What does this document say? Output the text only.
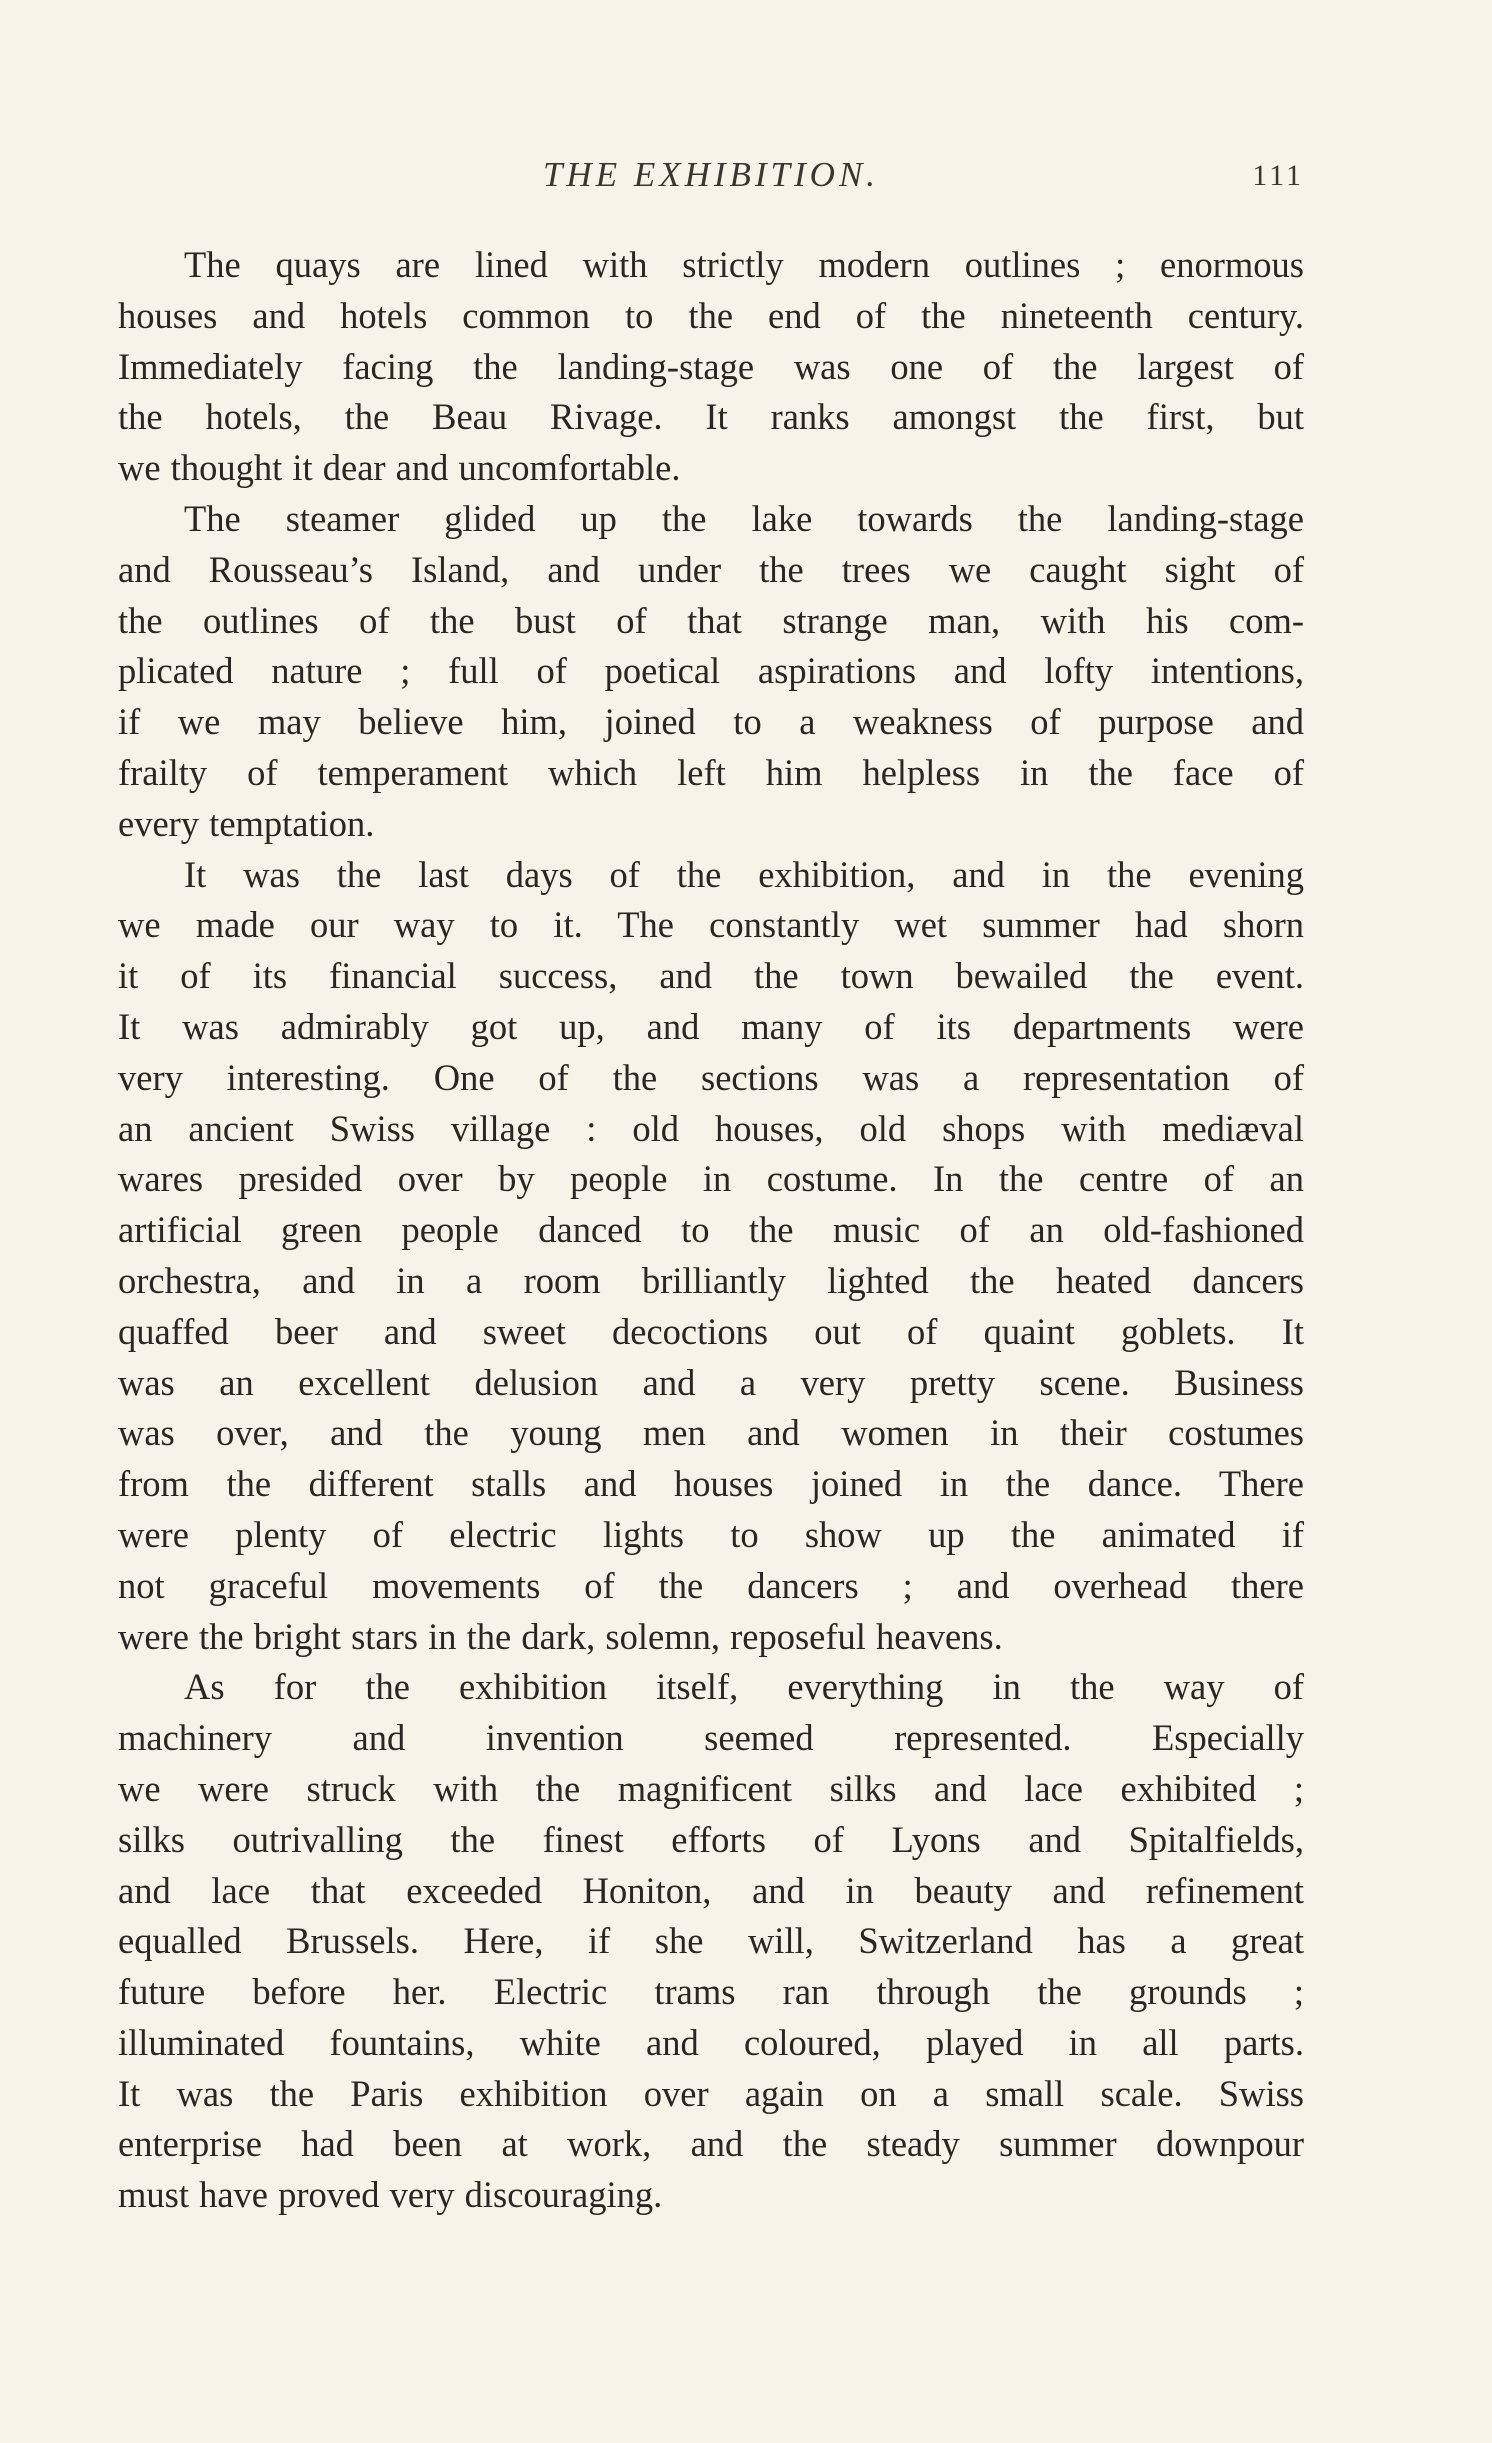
THE EXHIBITION.	111

The quays are lined with strictly modern outlines ; enormous
houses and hotels common to the end of the nineteenth century.
Immediately facing the landing-stage was one of the largest of
the hotels, the Beau Rivage. It ranks amongst the first, but
we thought it dear and uncomfortable.

The steamer glided up the lake towards the landing-stage
and Rousseau’s Island, and under the trees we caught sight of
the outlines of the bust of that strange man, with his com-
plicated nature ; full of poetical aspirations and lofty intentions,
if we may believe him, joined to a weakness of purpose and
frailty of temperament which left him helpless in the face of
every temptation.

It was the last days of the exhibition, and in the evening
we made our way to it. The constantly wet summer had shorn
it of its financial success, and the town bewailed the event.
It was admirably got up, and many of its departments were
very interesting. One of the sections was a representation of
an ancient Swiss village : old houses, old shops with mediæval
wares presided over by people in costume. In the centre of an
artificial green people danced to the music of an old-fashioned
orchestra, and in a room brilliantly lighted the heated dancers
quaffed beer and sweet decoctions out of quaint goblets. It
was an excellent delusion and a very pretty scene. Business
was over, and the young men and women in their costumes
from the different stalls and houses joined in the dance. There
were plenty of electric lights to show up the animated if
not graceful movements of the dancers ; and overhead there
were the bright stars in the dark, solemn, reposeful heavens.

As for the exhibition itself, everything in the way of
machinery and invention seemed represented. Especially
we were struck with the magnificent silks and lace exhibited ;
silks outrivalling the finest efforts of Lyons and Spitalfields,
and lace that exceeded Honiton, and in beauty and refinement
equalled Brussels. Here, if she will, Switzerland has a great
future before her. Electric trams ran through the grounds ;
illuminated fountains, white and coloured, played in all parts.
It was the Paris exhibition over again on a small scale. Swiss
enterprise had been at work, and the steady summer downpour
must have proved very discouraging.
